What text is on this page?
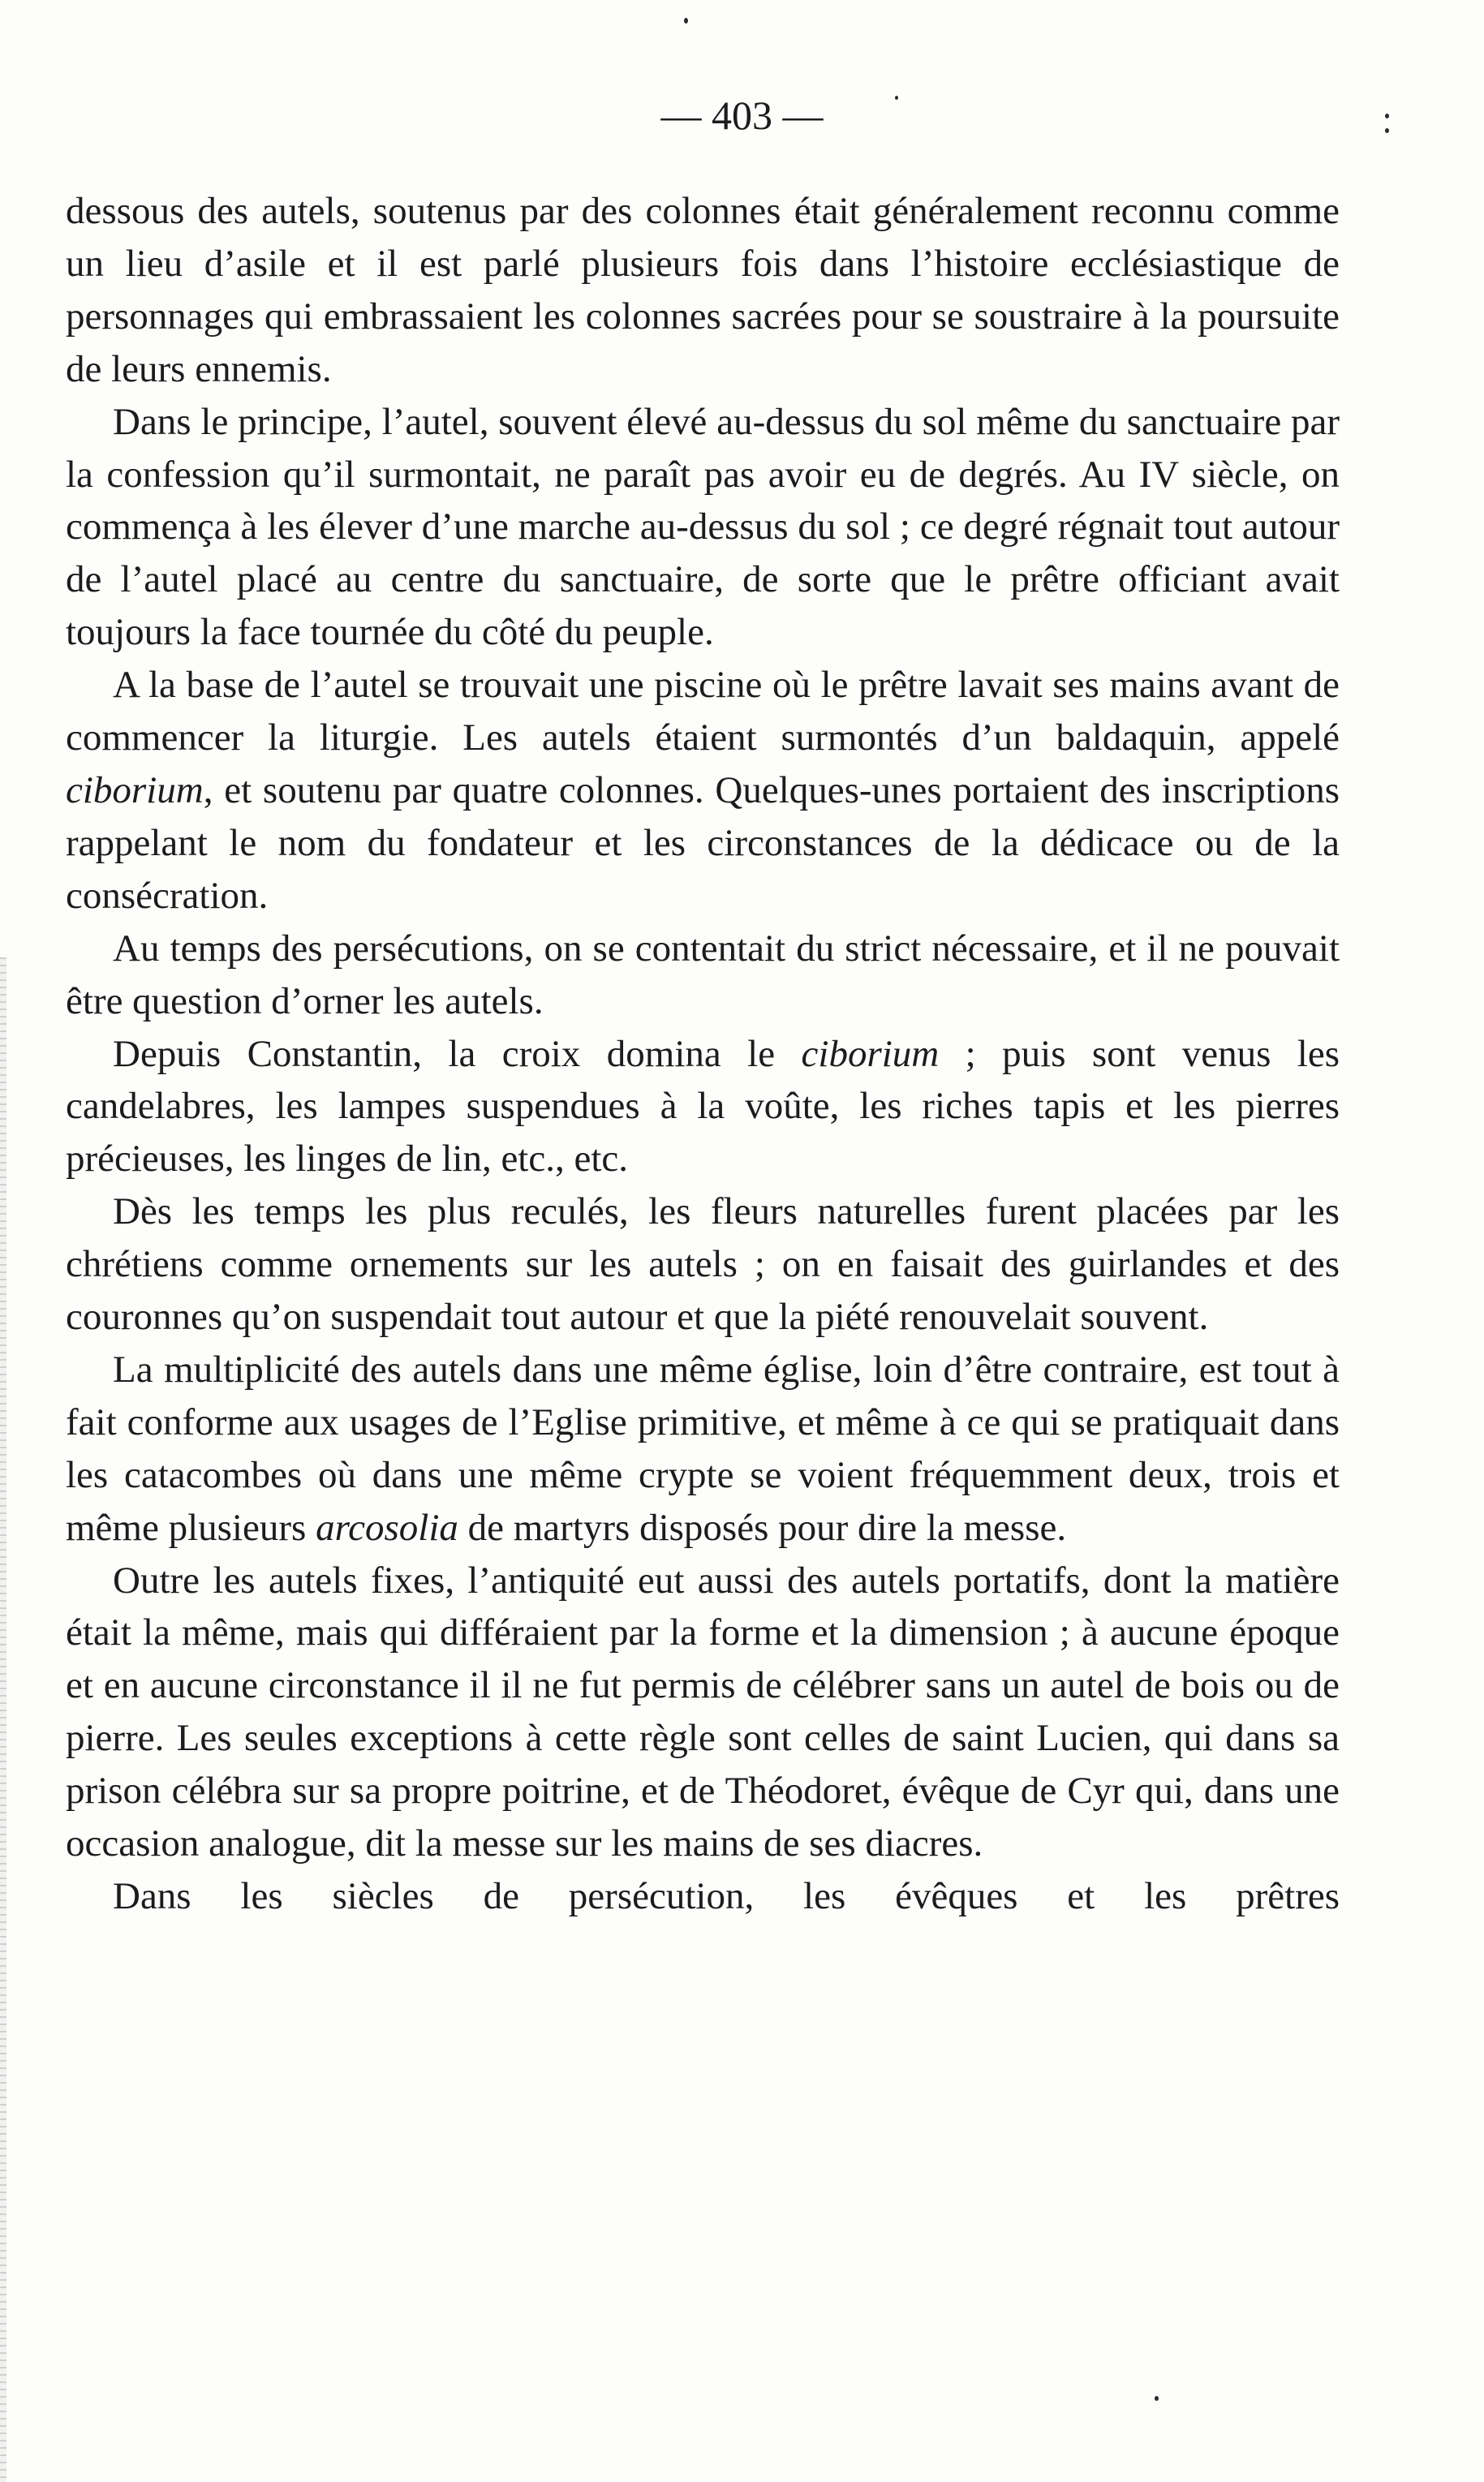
— 403 —

dessous des autels, soutenus par des colonnes était généralement reconnu comme un lieu d’asile et il est parlé plusieurs fois dans l’histoire ecclésiastique de personnages qui embrassaient les colonnes sacrées pour se soustraire à la poursuite de leurs ennemis.

Dans le principe, l’autel, souvent élevé au-dessus du sol même du sanctuaire par la confession qu’il surmontait, ne paraît pas avoir eu de degrés. Au IV siècle, on commença à les élever d’une marche au-dessus du sol ; ce degré régnait tout autour de l’autel placé au centre du sanctuaire, de sorte que le prêtre officiant avait toujours la face tournée du côté du peuple.

A la base de l’autel se trouvait une piscine où le prêtre lavait ses mains avant de commencer la liturgie. Les autels étaient surmontés d’un baldaquin, appelé ciborium, et soutenu par quatre colonnes. Quelques-unes portaient des inscriptions rappelant le nom du fondateur et les circonstances de la dédicace ou de la consécration.

Au temps des persécutions, on se contentait du strict nécessaire, et il ne pouvait être question d’orner les autels.

Depuis Constantin, la croix domina le ciborium ; puis sont venus les candelabres, les lampes suspendues à la voûte, les riches tapis et les pierres précieuses, les linges de lin, etc., etc.

Dès les temps les plus reculés, les fleurs naturelles furent placées par les chrétiens comme ornements sur les autels ; on en faisait des guirlandes et des couronnes qu’on suspendait tout autour et que la piété renouvelait souvent.

La multiplicité des autels dans une même église, loin d’être contraire, est tout à fait conforme aux usages de l’Eglise primitive, et même à ce qui se pratiquait dans les catacombes où dans une même crypte se voient fréquemment deux, trois et même plusieurs arcosolia de martyrs disposés pour dire la messe.

Outre les autels fixes, l’antiquité eut aussi des autels portatifs, dont la matière était la même, mais qui différaient par la forme et la dimension ; à aucune époque et en aucune circonstance il il ne fut permis de célébrer sans un autel de bois ou de pierre. Les seules exceptions à cette règle sont celles de saint Lucien, qui dans sa prison célébra sur sa propre poitrine, et de Théodoret, évêque de Cyr qui, dans une occasion analogue, dit la messe sur les mains de ses diacres.

Dans les siècles de persécution, les évêques et les prêtres
